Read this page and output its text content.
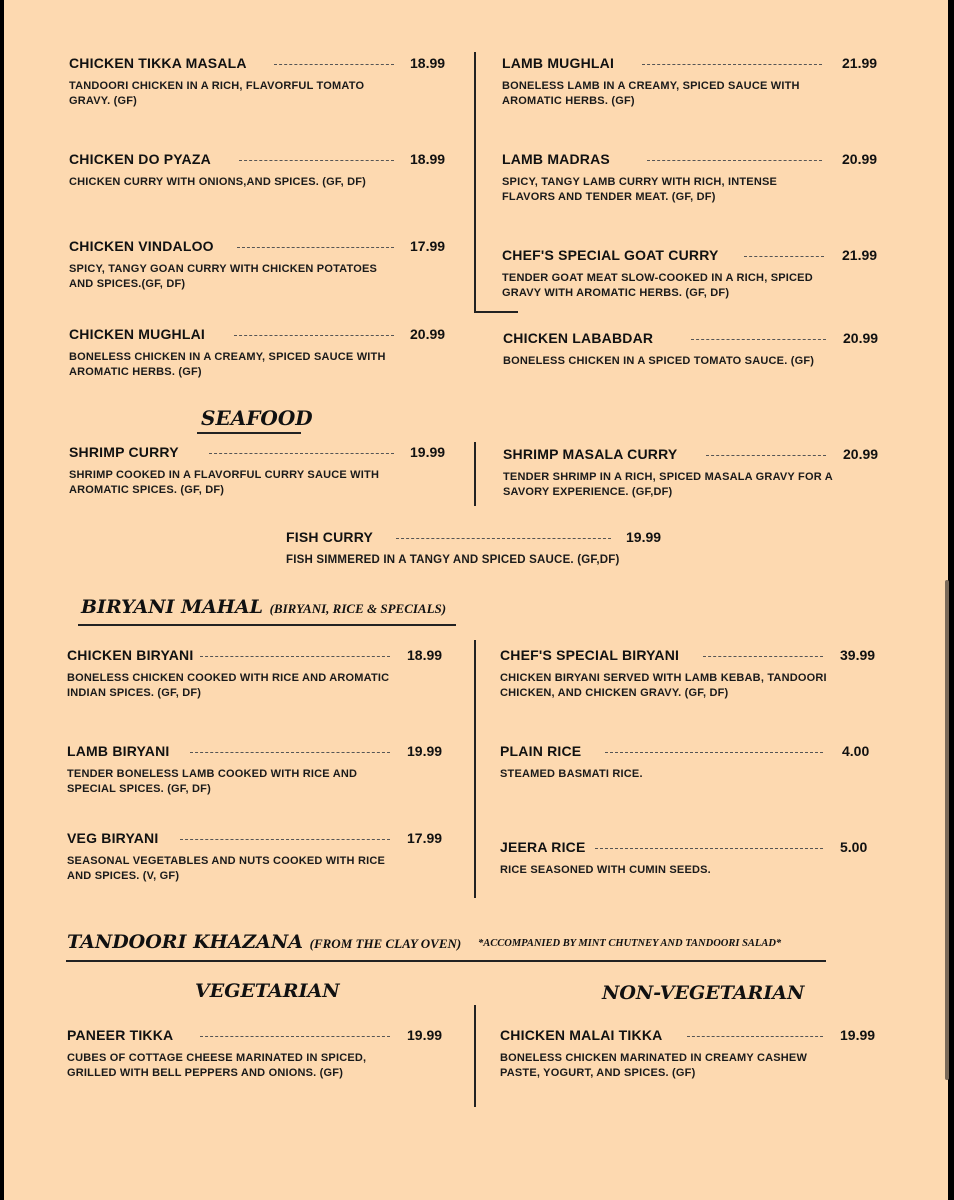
CHICKEN TIKKA MASALA	18.99
TANDOORI CHICKEN IN A RICH, FLAVORFUL TOMATO GRAVY. (GF)
LAMB MUGHLAI	21.99
BONELESS LAMB IN A CREAMY, SPICED SAUCE WITH AROMATIC HERBS. (GF)
CHICKEN DO PYAZA	18.99
CHICKEN CURRY WITH ONIONS,AND SPICES. (GF, DF)
LAMB MADRAS	20.99
SPICY, TANGY LAMB CURRY WITH RICH, INTENSE FLAVORS AND TENDER MEAT. (GF, DF)
CHICKEN VINDALOO	17.99
SPICY, TANGY GOAN CURRY WITH CHICKEN POTATOES AND SPICES.(GF, DF)
CHEF'S SPECIAL GOAT CURRY	21.99
TENDER GOAT MEAT SLOW-COOKED IN A RICH, SPICED GRAVY WITH AROMATIC HERBS. (GF, DF)
CHICKEN MUGHLAI	20.99
BONELESS CHICKEN IN A CREAMY, SPICED SAUCE WITH AROMATIC HERBS. (GF)
CHICKEN LABABDAR	20.99
BONELESS CHICKEN IN A SPICED TOMATO SAUCE. (GF)
SEAFOOD
SHRIMP CURRY	19.99
SHRIMP COOKED IN A FLAVORFUL CURRY SAUCE WITH AROMATIC SPICES. (GF, DF)
SHRIMP MASALA CURRY	20.99
TENDER SHRIMP IN A RICH, SPICED MASALA GRAVY FOR A SAVORY EXPERIENCE. (GF,DF)
FISH CURRY	19.99
FISH SIMMERED IN A TANGY AND SPICED SAUCE. (GF,DF)
BIRYANI MAHAL (BIRYANI, RICE & SPECIALS)
CHICKEN BIRYANI	18.99
BONELESS CHICKEN COOKED WITH RICE AND AROMATIC INDIAN SPICES. (GF, DF)
CHEF'S SPECIAL BIRYANI	39.99
CHICKEN BIRYANI SERVED WITH LAMB KEBAB, TANDOORI CHICKEN, AND CHICKEN GRAVY. (GF, DF)
LAMB BIRYANI	19.99
TENDER BONELESS LAMB COOKED WITH RICE AND SPECIAL SPICES. (GF, DF)
PLAIN RICE	4.00
STEAMED BASMATI RICE.
VEG BIRYANI	17.99
SEASONAL VEGETABLES AND NUTS COOKED WITH RICE AND SPICES. (V, GF)
JEERA RICE	5.00
RICE SEASONED WITH CUMIN SEEDS.
TANDOORI KHAZANA (FROM THE CLAY OVEN) *ACCOMPANIED BY MINT CHUTNEY AND TANDOORI SALAD*
VEGETARIAN	NON-VEGETARIAN
PANEER TIKKA	19.99
CUBES OF COTTAGE CHEESE MARINATED IN SPICED, GRILLED WITH BELL PEPPERS AND ONIONS. (GF)
CHICKEN MALAI TIKKA	19.99
BONELESS CHICKEN MARINATED IN CREAMY CASHEW PASTE, YOGURT, AND SPICES. (GF)
